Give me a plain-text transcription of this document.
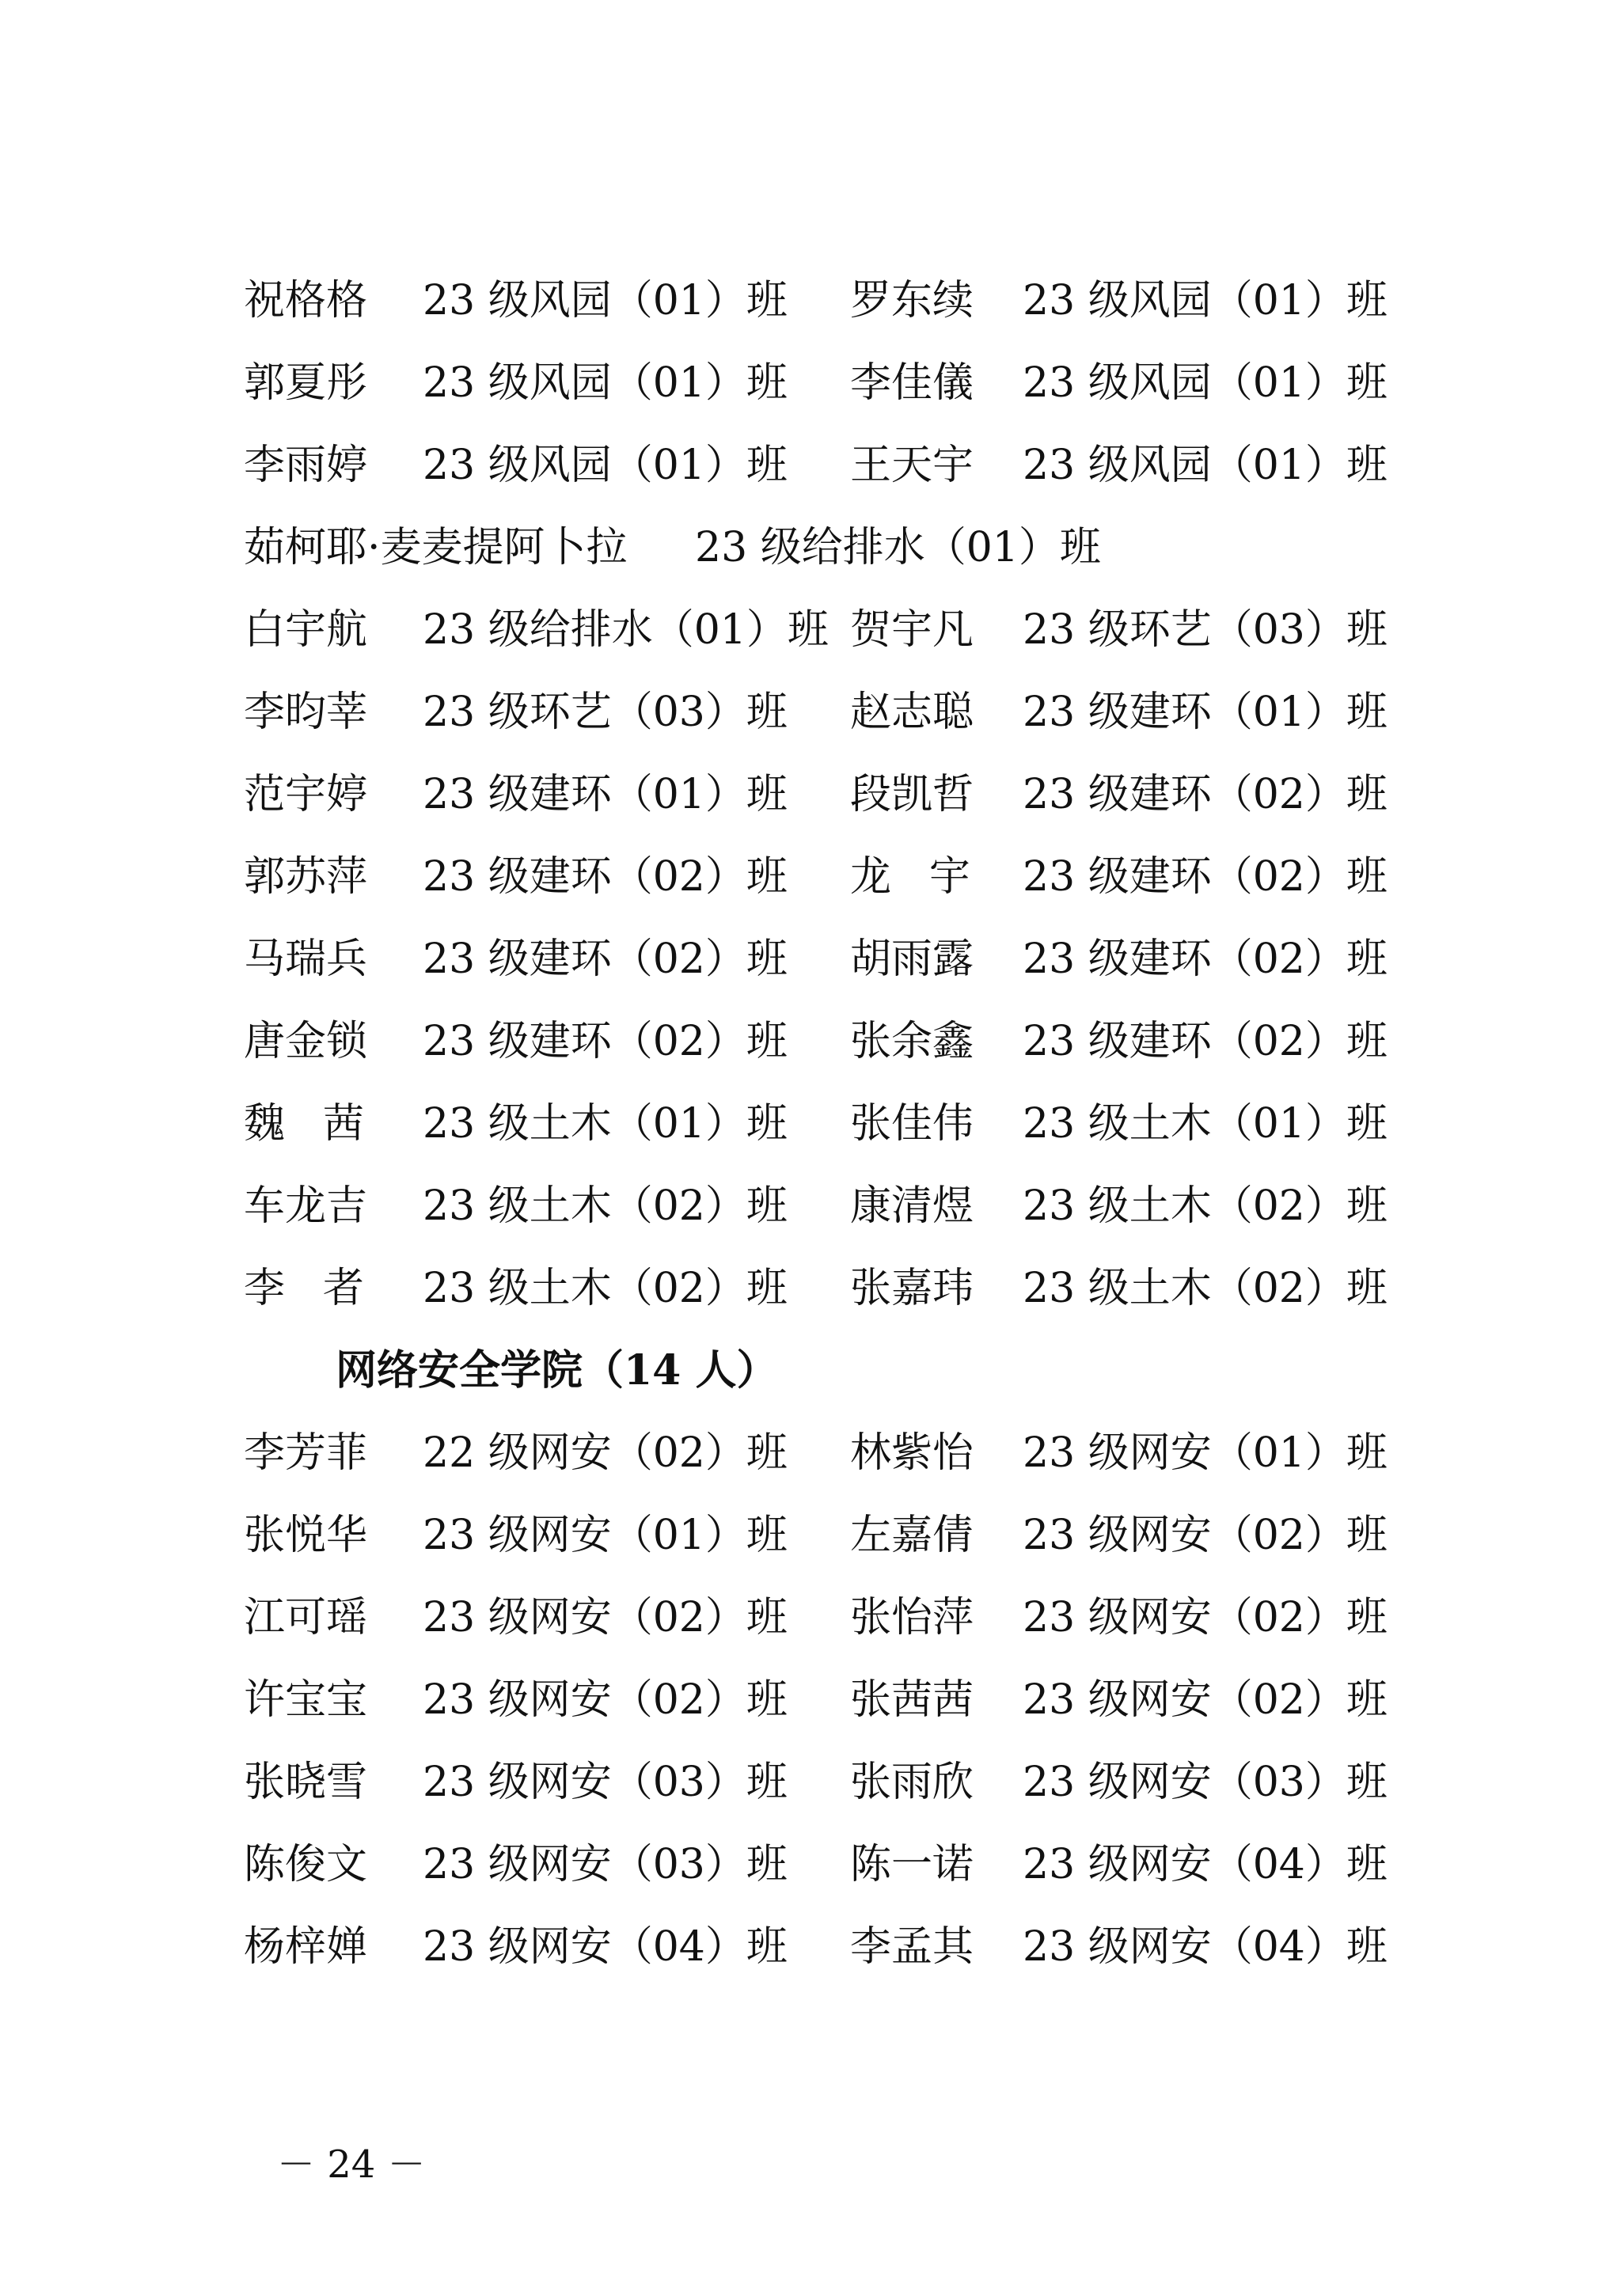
祝格格 23 级风园（01）班 罗东续 23 级风园（01）班
郭夏彤 23 级风园（01）班 李佳儀 23 级风园（01）班
李雨婷 23 级风园（01）班 王天宇 23 级风园（01）班
茹柯耶·麦麦提阿卜拉 23 级给排水（01）班
白宇航 23 级给排水（01）班 贺宇凡 23 级环艺（03）班
李昀莘 23 级环艺（03）班 赵志聪 23 级建环（01）班
范宇婷 23 级建环（01）班 段凯哲 23 级建环（02）班
郭苏萍 23 级建环（02）班 龙宇 23 级建环（02）班
马瑞兵 23 级建环（02）班 胡雨露 23 级建环（02）班
唐金锁 23 级建环（02）班 张余鑫 23 级建环（02）班
魏茜 23 级土木（01）班 张佳伟 23 级土木（01）班
车龙吉 23 级土木（02）班 康清煜 23 级土木（02）班
李者 23 级土木（02）班 张嘉玮 23 级土木（02）班
网络安全学院（14 人）
李芳菲 22 级网安（02）班 林紫怡 23 级网安（01）班
张悦华 23 级网安（01）班 左嘉倩 23 级网安（02）班
江可瑶 23 级网安（02）班 张怡萍 23 级网安（02）班
许宝宝 23 级网安（02）班 张茜茜 23 级网安（02）班
张晓雪 23 级网安（03）班 张雨欣 23 级网安（03）班
陈俊文 23 级网安（03）班 陈一诺 23 级网安（04）班
杨梓婵 23 级网安（04）班 李孟其 23 级网安（04）班
－ 24 －
